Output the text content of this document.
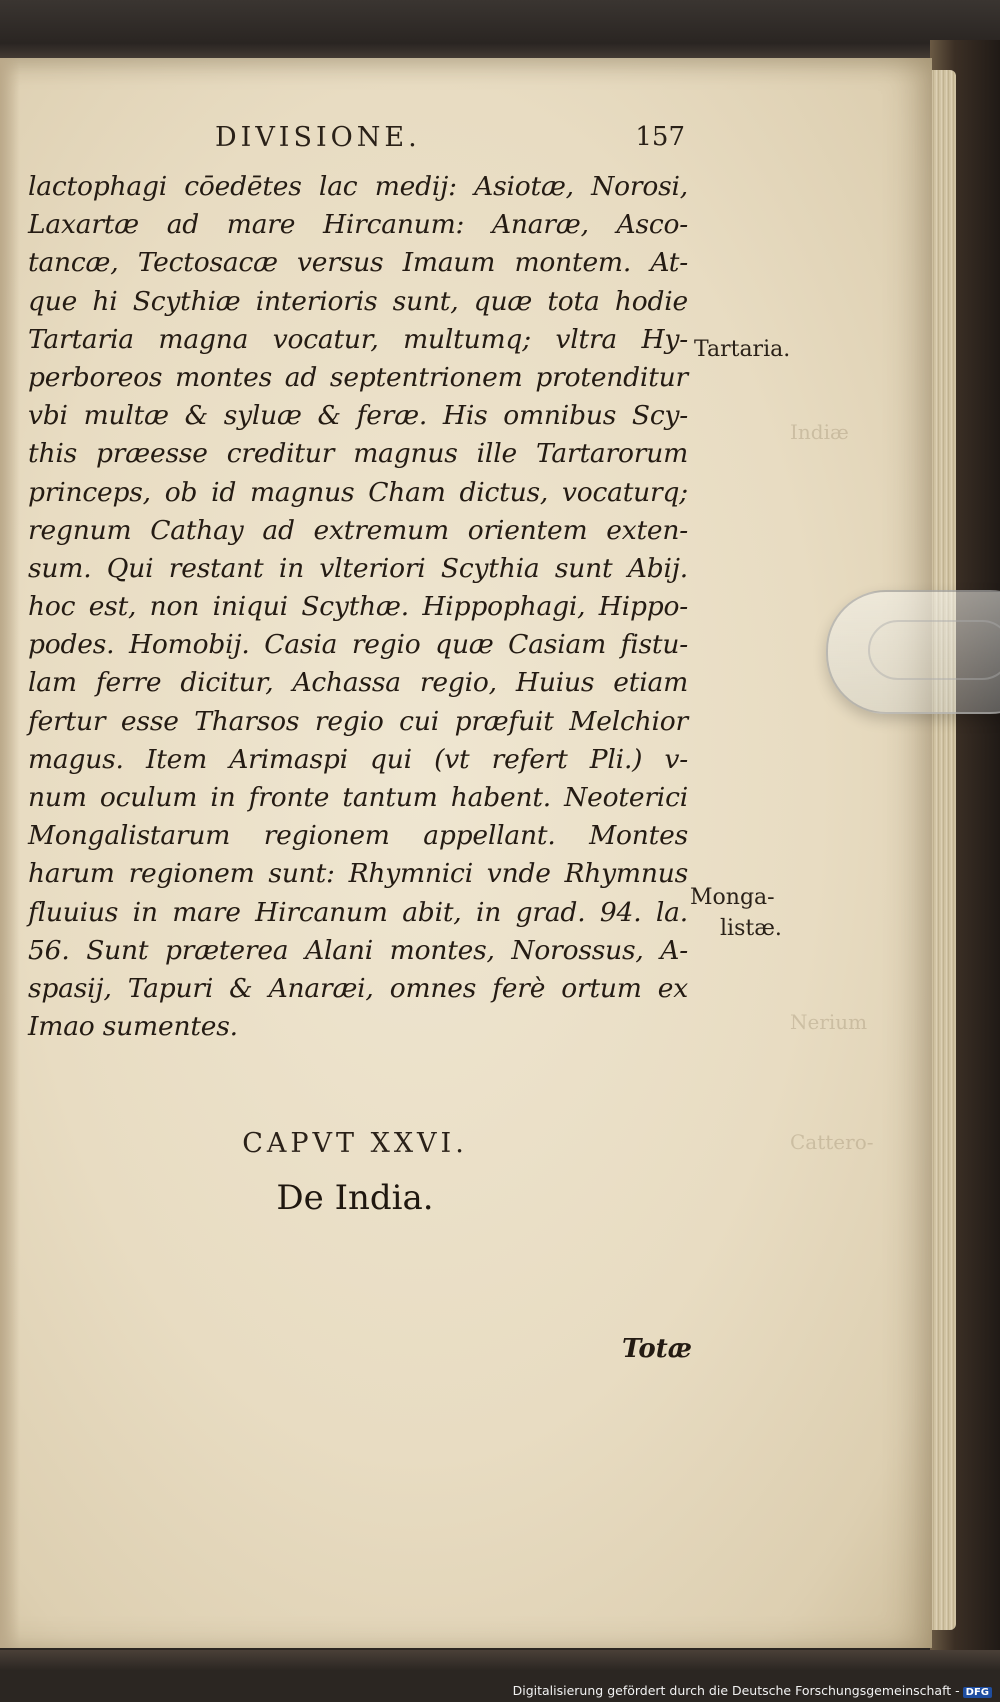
Indiæ
Nerium
Cattero-
DIVISIONE.	157
lactophagi cōedētes lac medij: Asiotæ, Norosi,
Laxartæ ad mare Hircanum: Anaræ, Asco-
tancæ, Tectosacæ versus Imaum montem. At-
que hi Scythiæ interioris sunt, quæ tota hodie
Tartaria magna vocatur, multumq; vltra Hy-
perboreos montes ad septentrionem protenditur
vbi multæ & syluæ & feræ. His omnibus Scy-
this præesse creditur magnus ille Tartarorum
princeps, ob id magnus Cham dictus, vocaturq;
regnum Cathay ad extremum orientem exten-
sum. Qui restant in vlteriori Scythia sunt Abij.
hoc est, non iniqui Scythæ. Hippophagi, Hippo-
podes. Homobij. Casia regio quæ Casiam fistu-
lam ferre dicitur, Achassa regio, Huius etiam
fertur esse Tharsos regio cui præfuit Melchior
magus. Item Arimaspi qui (vt refert Pli.) v-
num oculum in fronte tantum habent. Neoterici
Mongalistarum regionem appellant. Montes
harum regionem sunt: Rhymnici vnde Rhymnus
fluuius in mare Hircanum abit, in grad. 94. la.
56. Sunt præterea Alani montes, Norossus, A-
spasij, Tapuri & Anaræi, omnes ferè ortum ex
Imao sumentes.
Tartaria.
Monga-
listæ.
CAPVT XXVI.
De India.
Totæ
Digitalisierung gefördert durch die Deutsche Forschungsgemeinschaft - DFG
